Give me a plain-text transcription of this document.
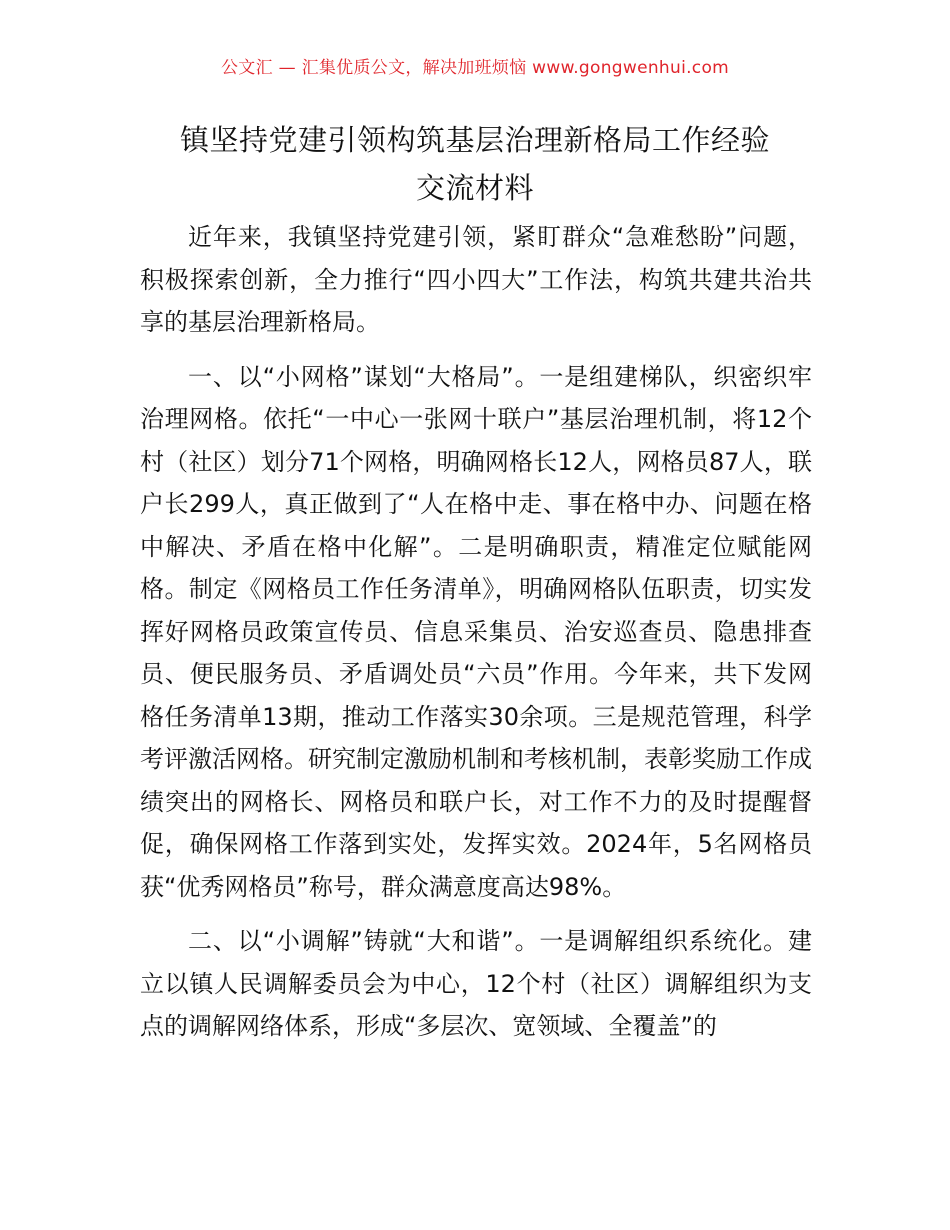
公文汇 — 汇集优质公文，解决加班烦恼 www.gongwenhui.com
镇坚持党建引领构筑基层治理新格局工作经验
交流材料

近年来，我镇坚持党建引领，紧盯群众“急难愁盼”问题，积极探索创新，全力推行“四小四大”工作法，构筑共建共治共享的基层治理新格局。

一、以“小网格”谋划“大格局”。一是组建梯队，织密织牢治理网格。依托“一中心一张网十联户”基层治理机制，将12个村（社区）划分71个网格，明确网格长12人，网格员87人，联户长299人，真正做到了“人在格中走、事在格中办、问题在格中解决、矛盾在格中化解”。二是明确职责，精准定位赋能网格。制定《网格员工作任务清单》，明确网格队伍职责，切实发挥好网格员政策宣传员、信息采集员、治安巡查员、隐患排查员、便民服务员、矛盾调处员“六员”作用。今年来，共下发网格任务清单13期，推动工作落实30余项。三是规范管理，科学考评激活网格。研究制定激励机制和考核机制，表彰奖励工作成绩突出的网格长、网格员和联户长，对工作不力的及时提醒督促，确保网格工作落到实处，发挥实效。2024年，5名网格员获“优秀网格员”称号，群众满意度高达98%。

二、以“小调解”铸就“大和谐”。一是调解组织系统化。建立以镇人民调解委员会为中心，12个村（社区）调解组织为支点的调解网络体系，形成“多层次、宽领域、全覆盖”的
